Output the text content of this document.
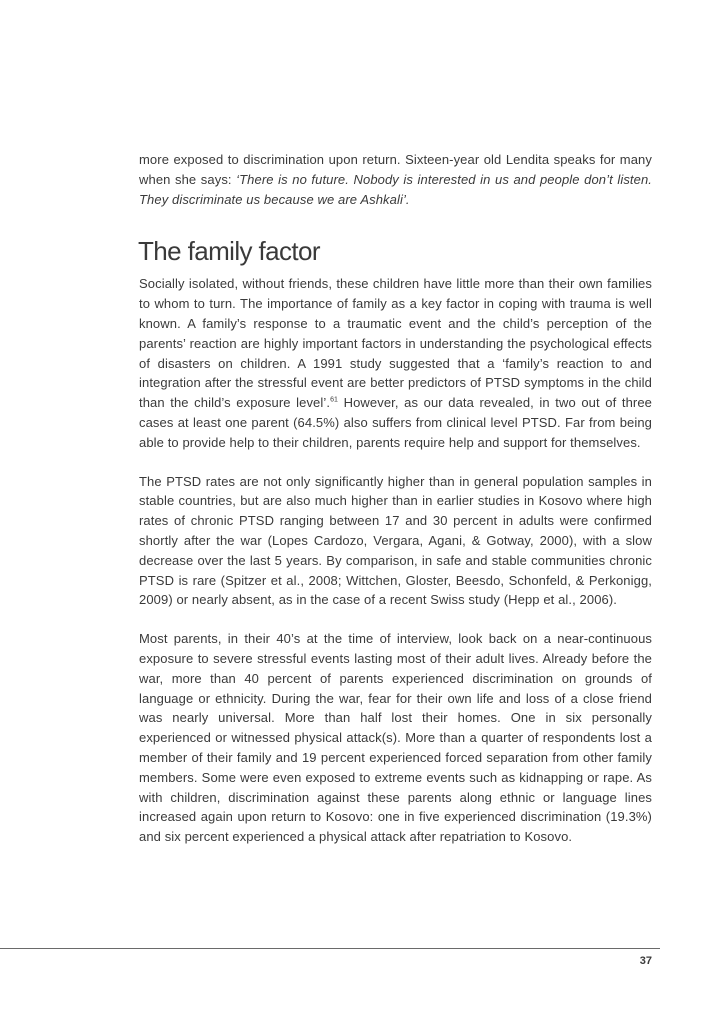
more exposed to discrimination upon return. Sixteen-year old Lendita speaks for many when she says: ‘There is no future. Nobody is interested in us and people don’t listen. They discriminate us because we are Ashkali’.

The family factor

Socially isolated, without friends, these children have little more than their own families to whom to turn. The importance of family as a key factor in coping with trauma is well known. A family’s response to a traumatic event and the child’s perception of the parents’ reaction are highly important factors in understanding the psychological effects of disasters on children. A 1991 study suggested that a ‘family’s reaction to and integration after the stressful event are better predictors of PTSD symptoms in the child than the child’s exposure level’.$^{61}$ However, as our data revealed, in two out of three cases at least one parent (64.5%) also suffers from clinical level PTSD. Far from being able to provide help to their children, parents require help and support for themselves.

The PTSD rates are not only significantly higher than in general population samples in stable countries, but are also much higher than in earlier studies in Kosovo where high rates of chronic PTSD ranging between 17 and 30 percent in adults were confirmed shortly after the war (Lopes Cardozo, Vergara, Agani, & Gotway, 2000), with a slow decrease over the last 5 years. By comparison, in safe and stable communities chronic PTSD is rare (Spitzer et al., 2008; Wittchen, Gloster, Beesdo, Schonfeld, & Perkonigg, 2009) or nearly absent, as in the case of a recent Swiss study (Hepp et al., 2006).

Most parents, in their 40’s at the time of interview, look back on a near-continuous exposure to severe stressful events lasting most of their adult lives. Already before the war, more than 40 percent of parents experienced discrimination on grounds of language or ethnicity. During the war, fear for their own life and loss of a close friend was nearly universal. More than half lost their homes. One in six personally experienced or witnessed physical attack(s). More than a quarter of respondents lost a member of their family and 19 percent experienced forced separation from other family members. Some were even exposed to extreme events such as kidnapping or rape. As with children, discrimination against these parents along ethnic or language lines increased again upon return to Kosovo: one in five experienced discrimination (19.3%) and six percent experienced a physical attack after repatriation to Kosovo.

37
